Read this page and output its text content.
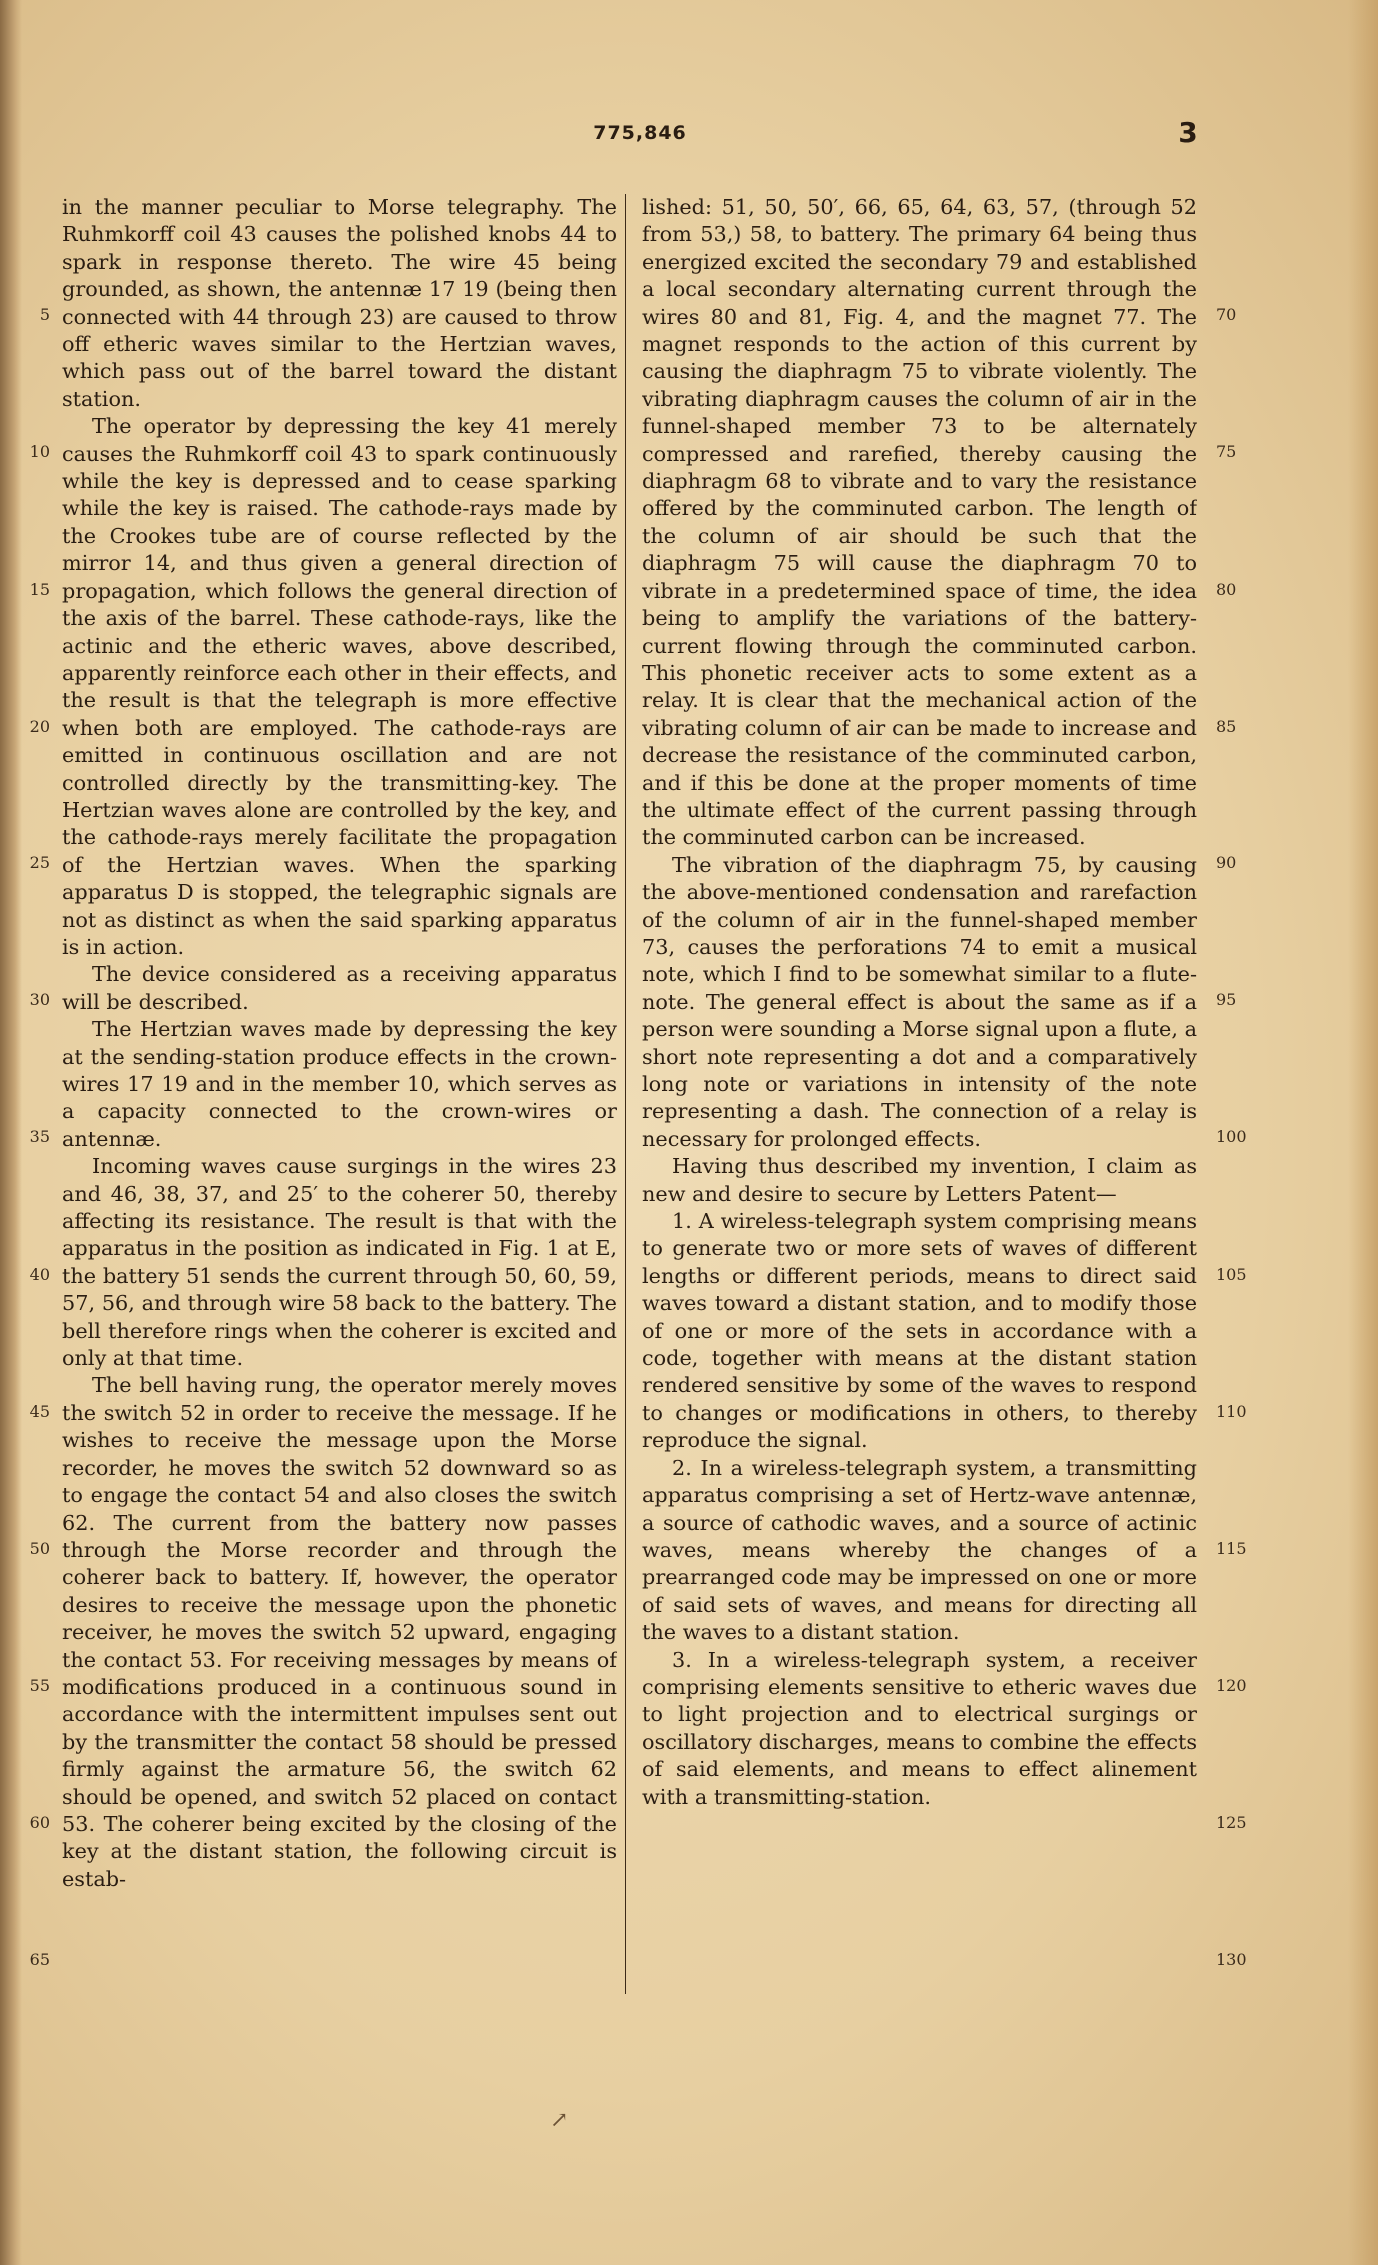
775,846	3

in the manner peculiar to Morse telegraphy. The Ruhmkorff coil 43 causes the polished knobs 44 to spark in response thereto. The wire 45 being grounded, as shown, the antennæ 17 19 (being then connected with 44 through 23) are caused to throw off etheric waves similar to the Hertzian waves, which pass out of the barrel toward the distant station.

The operator by depressing the key 41 merely causes the Ruhmkorff coil 43 to spark continuously while the key is depressed and to cease sparking while the key is raised. The cathode-rays made by the Crookes tube are of course reflected by the mirror 14, and thus given a general direction of propagation, which follows the general direction of the axis of the barrel. These cathode-rays, like the actinic and the etheric waves, above described, apparently reinforce each other in their effects, and the result is that the telegraph is more effective when both are employed. The cathode-rays are emitted in continuous oscillation and are not controlled directly by the transmitting-key. The Hertzian waves alone are controlled by the key, and the cathode-rays merely facilitate the propagation of the Hertzian waves. When the sparking apparatus D is stopped, the telegraphic signals are not as distinct as when the said sparking apparatus is in action.

The device considered as a receiving apparatus will be described.

The Hertzian waves made by depressing the key at the sending-station produce effects in the crown-wires 17 19 and in the member 10, which serves as a capacity connected to the crown-wires or antennæ.

Incoming waves cause surgings in the wires 23 and 46, 38, 37, and 25′ to the coherer 50, thereby affecting its resistance. The result is that with the apparatus in the position as indicated in Fig. 1 at E, the battery 51 sends the current through 50, 60, 59, 57, 56, and through wire 58 back to the battery. The bell therefore rings when the coherer is excited and only at that time.

The bell having rung, the operator merely moves the switch 52 in order to receive the message. If he wishes to receive the message upon the Morse recorder, he moves the switch 52 downward so as to engage the contact 54 and also closes the switch 62. The current from the battery now passes through the Morse recorder and through the coherer back to battery. If, however, the operator desires to receive the message upon the phonetic receiver, he moves the switch 52 upward, engaging the contact 53. For receiving messages by means of modifications produced in a continuous sound in accordance with the intermittent impulses sent out by the transmitter the contact 58 should be pressed firmly against the armature 56, the switch 62 should be opened, and switch 52 placed on contact 53. The coherer being excited by the closing of the key at the distant station, the following circuit is estab-

lished: 51, 50, 50′, 66, 65, 64, 63, 57, (through 52 from 53,) 58, to battery. The primary 64 being thus energized excited the secondary 79 and established a local secondary alternating current through the wires 80 and 81, Fig. 4, and the magnet 77. The magnet responds to the action of this current by causing the diaphragm 75 to vibrate violently. The vibrating diaphragm causes the column of air in the funnel-shaped member 73 to be alternately compressed and rarefied, thereby causing the diaphragm 68 to vibrate and to vary the resistance offered by the comminuted carbon. The length of the column of air should be such that the diaphragm 75 will cause the diaphragm 70 to vibrate in a predetermined space of time, the idea being to amplify the variations of the battery-current flowing through the comminuted carbon. This phonetic receiver acts to some extent as a relay. It is clear that the mechanical action of the vibrating column of air can be made to increase and decrease the resistance of the comminuted carbon, and if this be done at the proper moments of time the ultimate effect of the current passing through the comminuted carbon can be increased.

The vibration of the diaphragm 75, by causing the above-mentioned condensation and rarefaction of the column of air in the funnel-shaped member 73, causes the perforations 74 to emit a musical note, which I find to be somewhat similar to a flute-note. The general effect is about the same as if a person were sounding a Morse signal upon a flute, a short note representing a dot and a comparatively long note or variations in intensity of the note representing a dash. The connection of a relay is necessary for prolonged effects.

Having thus described my invention, I claim as new and desire to secure by Letters Patent—

1. A wireless-telegraph system comprising means to generate two or more sets of waves of different lengths or different periods, means to direct said waves toward a distant station, and to modify those of one or more of the sets in accordance with a code, together with means at the distant station rendered sensitive by some of the waves to respond to changes or modifications in others, to thereby reproduce the signal.

2. In a wireless-telegraph system, a transmitting apparatus comprising a set of Hertz-wave antennæ, a source of cathodic waves, and a source of actinic waves, means whereby the changes of a prearranged code may be impressed on one or more of said sets of waves, and means for directing all the waves to a distant station.

3. In a wireless-telegraph system, a receiver comprising elements sensitive to etheric waves due to light projection and to electrical surgings or oscillatory discharges, means to combine the effects of said elements, and means to effect alinement with a transmitting-station.

5
10
15
20
25
30
35
40
45
50
55
60
65
70
75
80
85
90
95
100
105
110
115
120
125
130
↗
